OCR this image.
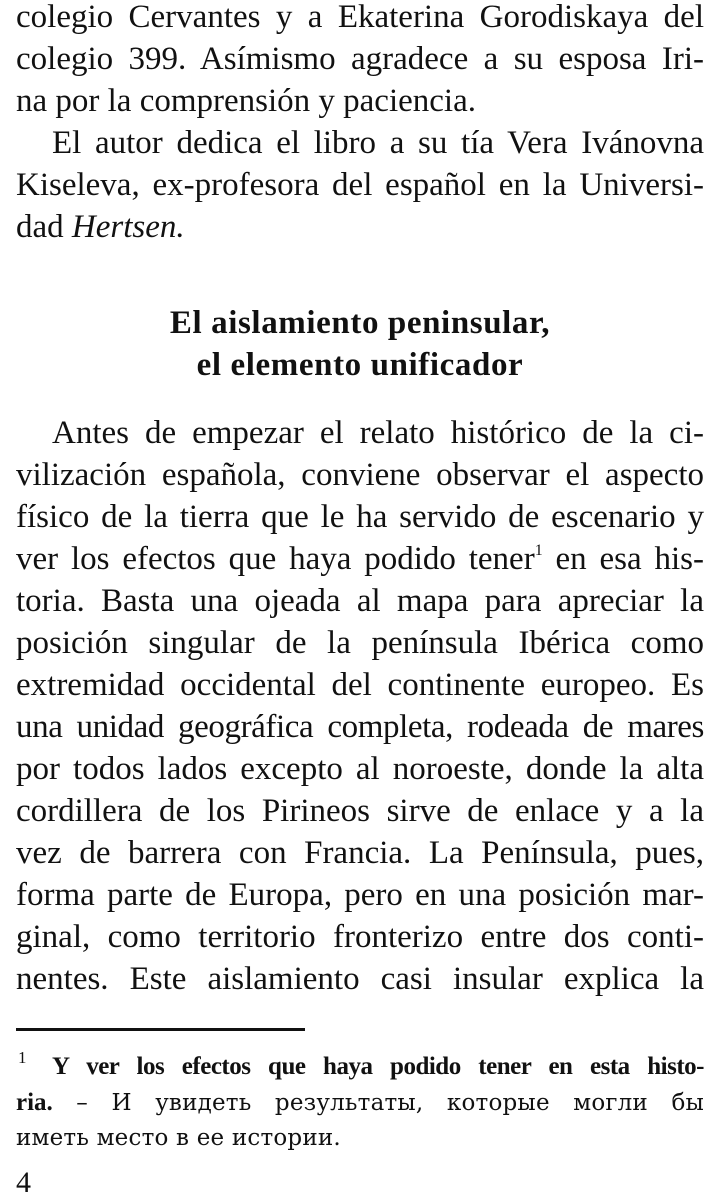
colegio Cervantes y a Ekaterina Gorodiskaya del
colegio 399. Asímismo agradece a su esposa Iri-
na por la comprensión y paciencia.
El autor dedica el libro a su tía Vera Ivánovna
Kiseleva, ex-profesora del español en la Universi-
dad Hertsen.
El aislamiento peninsular,
el elemento unificador
Antes de empezar el relato histórico de la ci-
vilización española, conviene observar el aspecto
físico de la tierra que le ha servido de escenario y
ver los efectos que haya podido tener$^1$ en esa his-
toria. Basta una ojeada al mapa para apreciar la
posición singular de la península Ibérica como
extremidad occidental del continente europeo. Es
una unidad geográfica completa, rodeada de mares
por todos lados excepto al noroeste, donde la alta
cordillera de los Pirineos sirve de enlace y a la
vez de barrera con Francia. La Península, pues,
forma parte de Europa, pero en una posición mar-
ginal, como territorio fronterizo entre dos conti-
nentes. Este aislamiento casi insular explica la
1 Y ver los efectos que haya podido tener en esta histo-
ria. – И увидеть результаты, которые могли бы
иметь место в ее истории.
4
